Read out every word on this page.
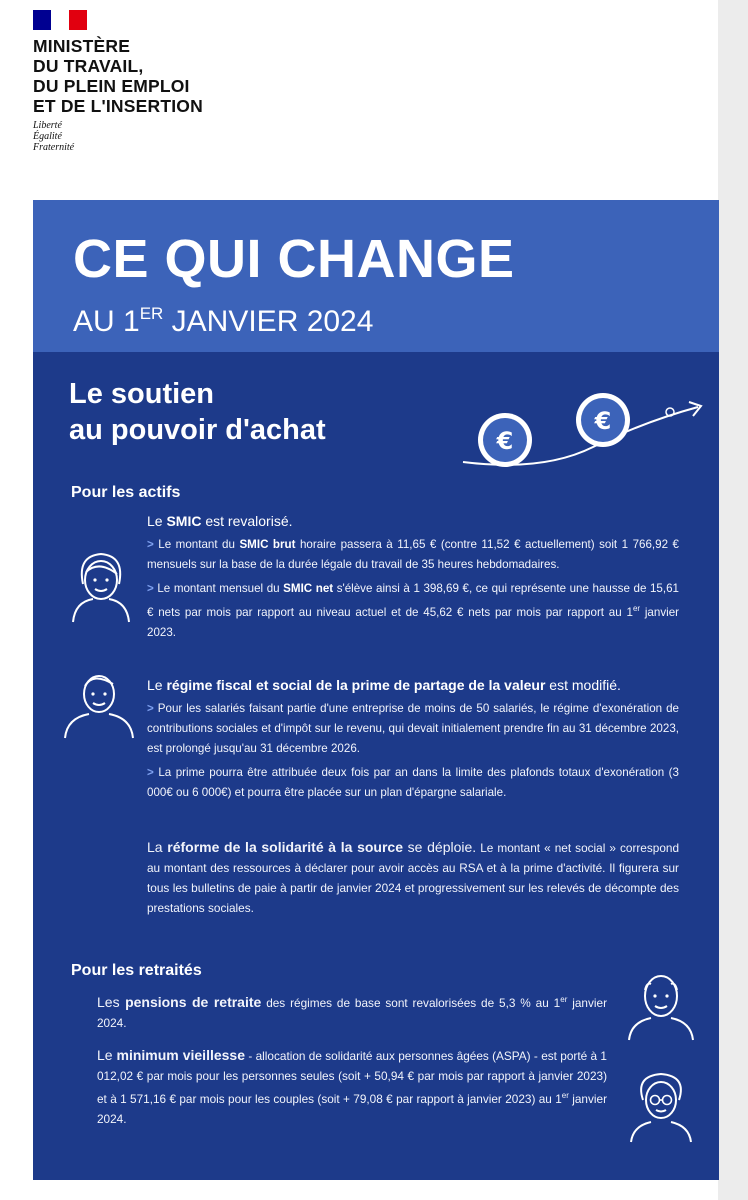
MINISTÈRE
DU TRAVAIL,
DU PLEIN EMPLOI
ET DE L'INSERTION
Liberté
Égalité
Fraternité
CE QUI CHANGE
AU 1ER JANVIER 2024
Le soutien
au pouvoir d'achat	€
€
Pour les actifs
Le SMIC est revalorisé.
> Le montant du SMIC brut horaire passera à 11,65 € (contre 11,52 € actuellement) soit 1 766,92 € mensuels sur la base de la durée légale du travail de 35 heures hebdomadaires.
> Le montant mensuel du SMIC net s'élève ainsi à 1 398,69 €, ce qui représente une hausse de 15,61 € nets par mois par rapport au niveau actuel et de 45,62 € nets par mois par rapport au 1er janvier 2023.
Le régime fiscal et social de la prime de partage de la valeur est modifié.
> Pour les salariés faisant partie d'une entreprise de moins de 50 salariés, le régime d'exonération de contributions sociales et d'impôt sur le revenu, qui devait initialement prendre fin au 31 décembre 2023, est prolongé jusqu'au 31 décembre 2026.
> La prime pourra être attribuée deux fois par an dans la limite des plafonds totaux d'exonération (3 000€ ou 6 000€) et pourra être placée sur un plan d'épargne salariale.
La réforme de la solidarité à la source se déploie. Le montant « net social » correspond au montant des ressources à déclarer pour avoir accès au RSA et à la prime d'activité. Il figurera sur tous les bulletins de paie à partir de janvier 2024 et progressivement sur les relevés de décompte des prestations sociales.
Pour les retraités
Les pensions de retraite des régimes de base sont revalorisées de 5,3 % au 1er janvier 2024.
Le minimum vieillesse - allocation de solidarité aux personnes âgées (ASPA) - est porté à 1 012,02 € par mois pour les personnes seules (soit + 50,94 € par mois par rapport à janvier 2023) et à 1 571,16 € par mois pour les couples (soit + 79,08 € par rapport à janvier 2023) au 1er janvier 2024.
